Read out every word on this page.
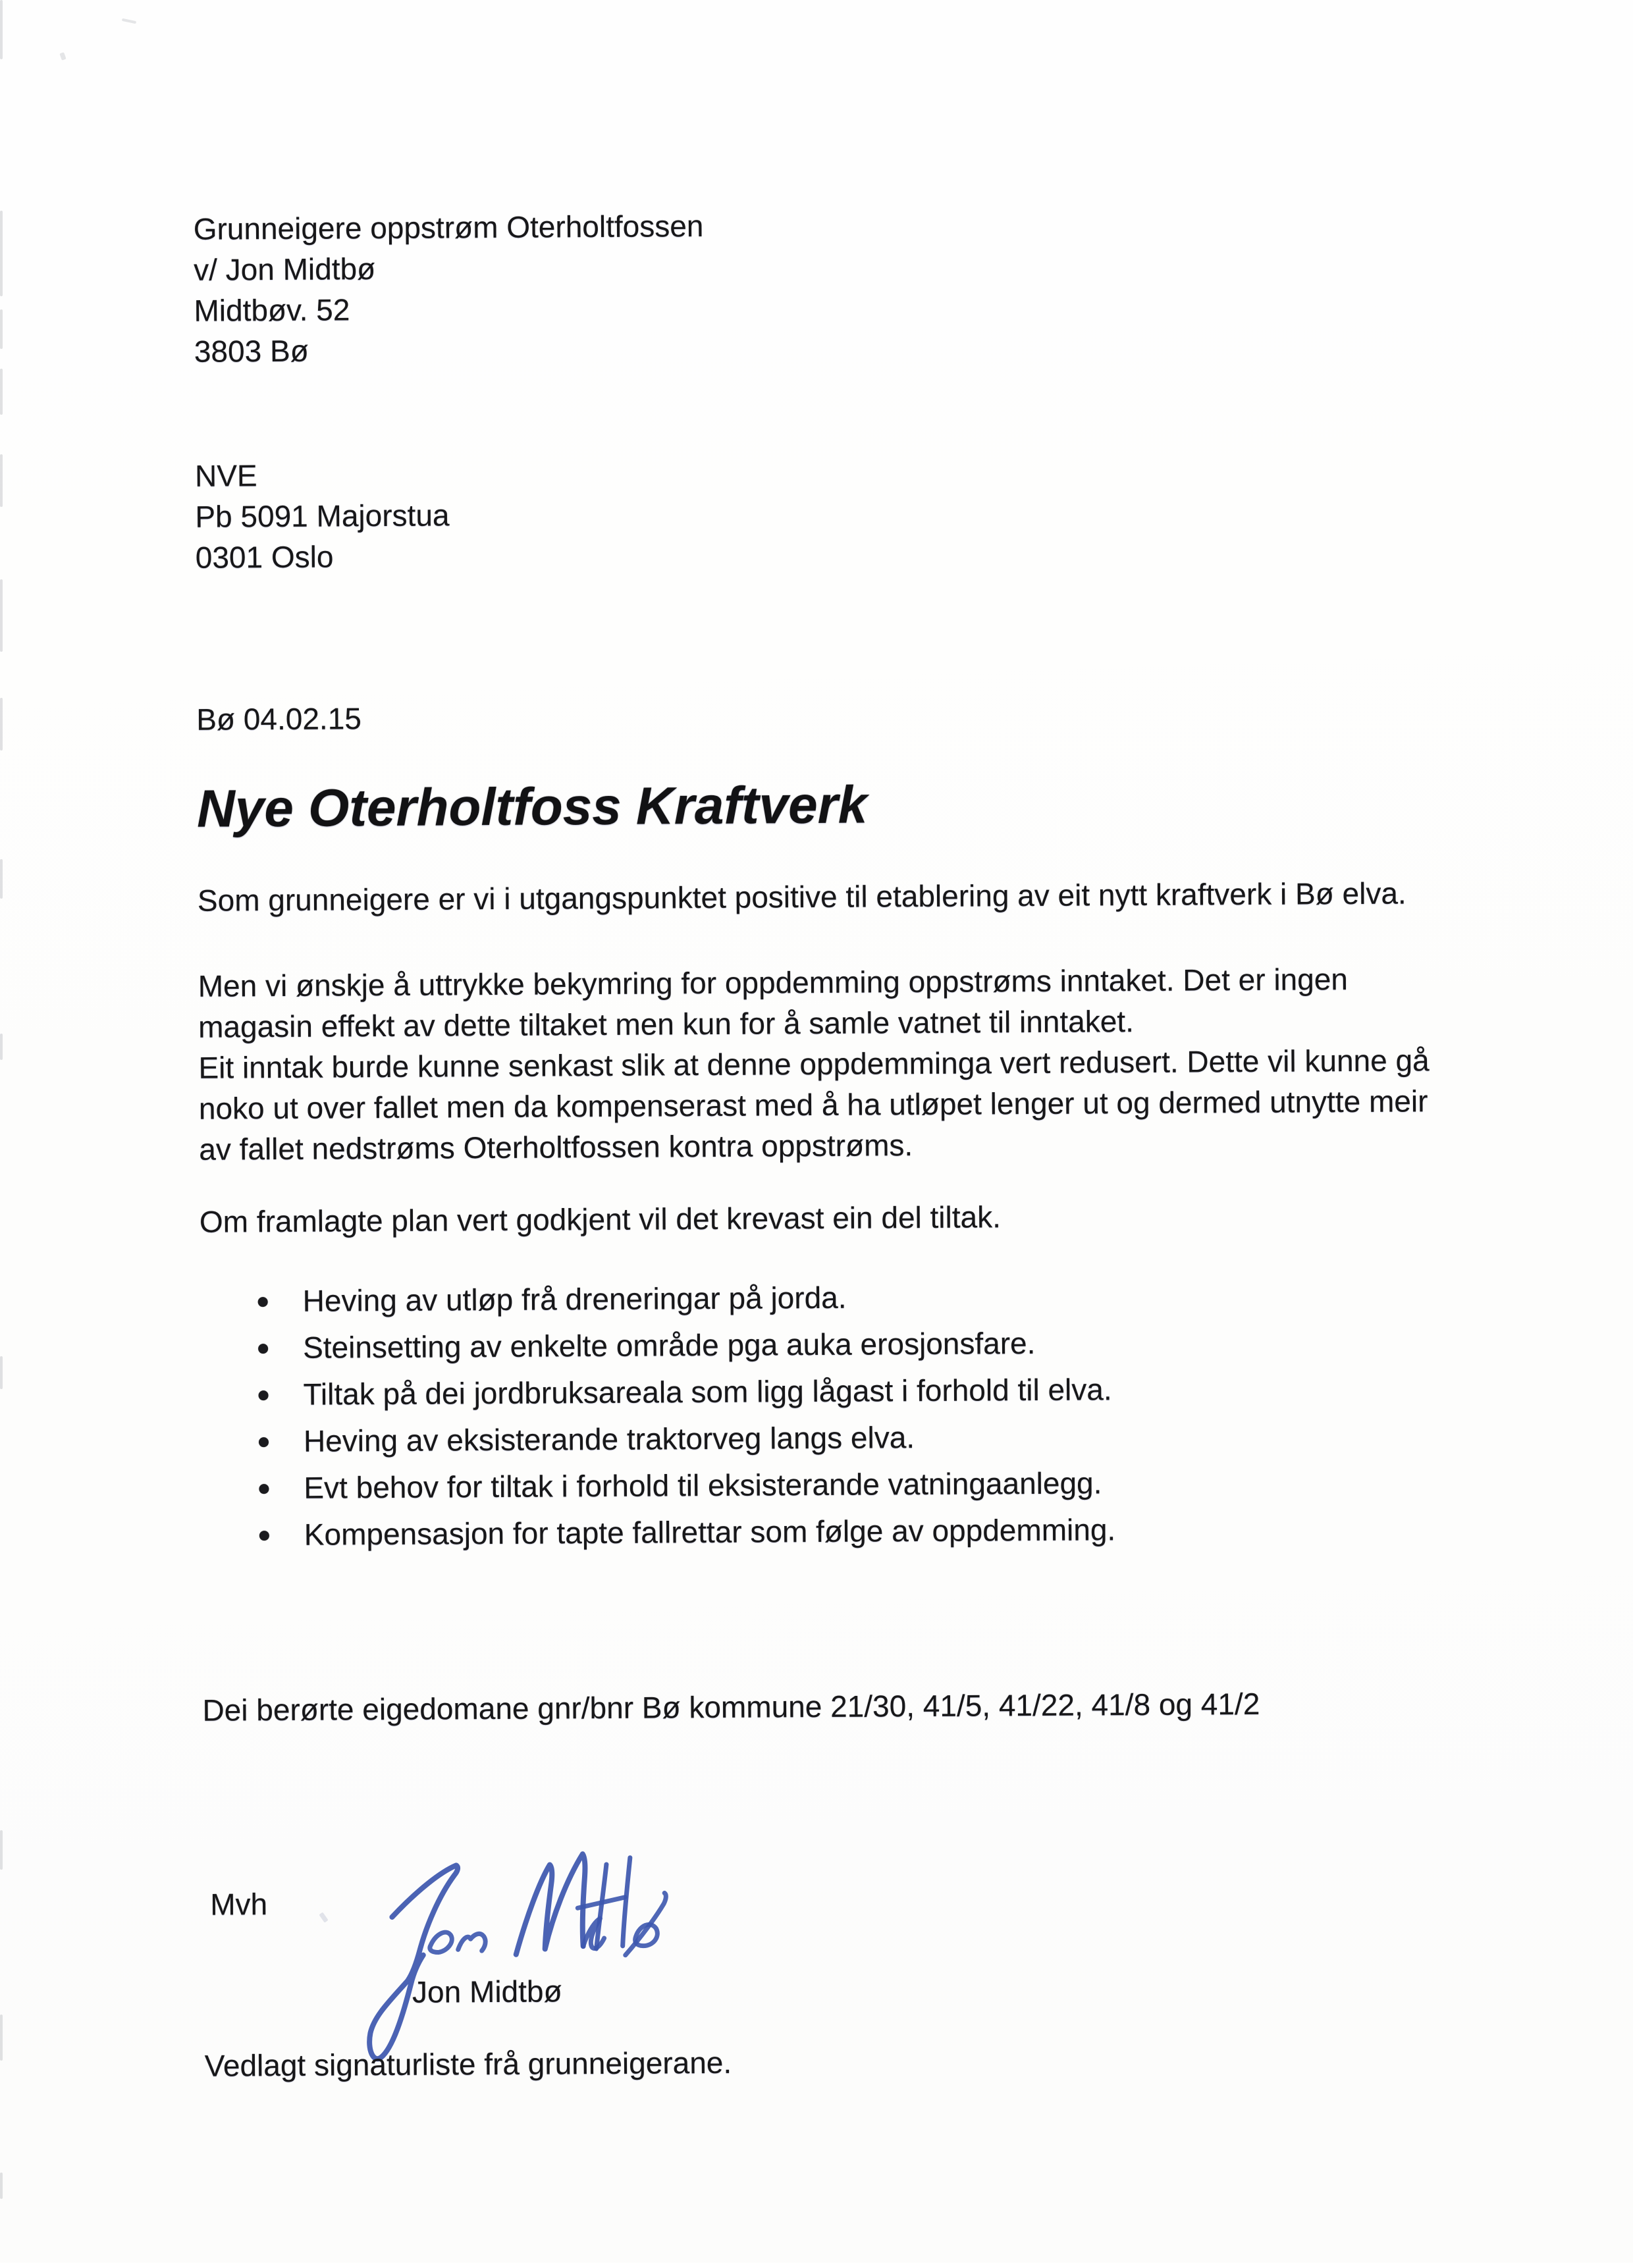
Grunneigere oppstrøm Oterholtfossen
v/ Jon Midtbø
Midtbøv. 52
3803 Bø
NVE
Pb 5091 Majorstua
0301 Oslo
Bø 04.02.15
Nye Oterholtfoss Kraftverk
Som grunneigere er vi i utgangspunktet positive til etablering av eit nytt kraftverk i Bø elva.
Men vi ønskje å uttrykke bekymring for oppdemming oppstrøms inntaket. Det er ingen
magasin effekt av dette tiltaket men kun for å samle vatnet til inntaket.
Eit inntak burde kunne senkast slik at denne oppdemminga vert redusert. Dette vil kunne gå
noko ut over fallet men da kompenserast med å ha utløpet lenger ut og dermed utnytte meir
av fallet nedstrøms Oterholtfossen kontra oppstrøms.
Om framlagte plan vert godkjent vil det krevast ein del tiltak.
Heving av utløp frå dreneringar på jorda.
Steinsetting av enkelte område pga auka erosjonsfare.
Tiltak på dei jordbruksareala som ligg lågast i forhold til elva.
Heving av eksisterande traktorveg langs elva.
Evt behov for tiltak i forhold til eksisterande vatningaanlegg.
Kompensasjon for tapte fallrettar som følge av oppdemming.
Dei berørte eigedomane gnr/bnr Bø kommune 21/30, 41/5, 41/22, 41/8 og 41/2
Mvh
Jon Midtbø
Vedlagt signaturliste frå grunneigerane.
